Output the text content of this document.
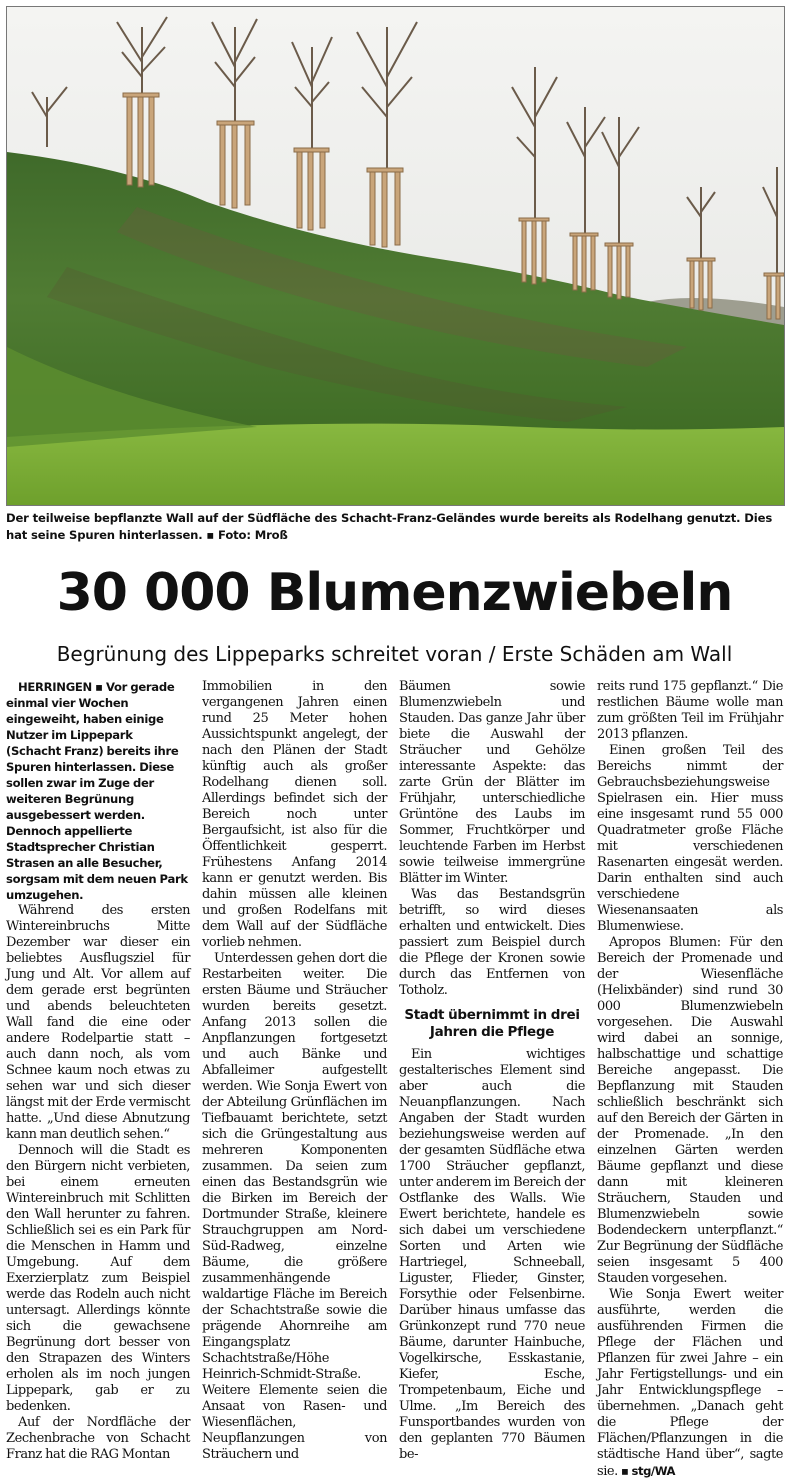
Der teilweise bepflanzte Wall auf der Südfläche des Schacht-Franz-Geländes wurde bereits als Rodelhang genutzt. Dies hat seine Spuren hinterlassen. ▪ Foto: Mroß
30 000 Blumenzwiebeln
Begrünung des Lippeparks schreitet voran / Erste Schäden am Wall

HERRINGEN ▪ Vor gerade einmal vier Wochen eingeweiht, haben einige Nutzer im Lippepark (Schacht Franz) bereits ihre Spuren hinterlassen. Diese sollen zwar im Zuge der weiteren Begrünung ausgebessert werden. Dennoch appellierte Stadtsprecher Christian Strasen an alle Besucher, sorgsam mit dem neuen Park umzugehen.

Während des ersten Wintereinbruchs Mitte Dezember war dieser ein beliebtes Ausflugsziel für Jung und Alt. Vor allem auf dem gerade erst begrünten und abends beleuchteten Wall fand die eine oder andere Rodelpartie statt – auch dann noch, als vom Schnee kaum noch etwas zu sehen war und sich dieser längst mit der Erde vermischt hatte. „Und diese Abnutzung kann man deutlich sehen.“

Dennoch will die Stadt es den Bürgern nicht verbieten, bei einem erneuten Wintereinbruch mit Schlitten den Wall herunter zu fahren. Schließlich sei es ein Park für die Menschen in Hamm und Umgebung. Auf dem Exerzierplatz zum Beispiel werde das Rodeln auch nicht untersagt. Allerdings könnte sich die gewachsene Begrünung dort besser von den Strapazen des Winters erholen als im noch jungen Lippepark, gab er zu bedenken.

Auf der Nordfläche der Zechenbrache von Schacht Franz hat die RAG Montan

Immobilien in den vergangenen Jahren einen rund 25 Meter hohen Aussichtspunkt angelegt, der nach den Plänen der Stadt künftig auch als großer Rodelhang dienen soll. Allerdings befindet sich der Bereich noch unter Bergaufsicht, ist also für die Öffentlichkeit gesperrt. Frühestens Anfang 2014 kann er genutzt werden. Bis dahin müssen alle kleinen und großen Rodelfans mit dem Wall auf der Südfläche vorlieb nehmen.

Unterdessen gehen dort die Restarbeiten weiter. Die ersten Bäume und Sträucher wurden bereits gesetzt. Anfang 2013 sollen die Anpflanzungen fortgesetzt und auch Bänke und Abfalleimer aufgestellt werden. Wie Sonja Ewert von der Abteilung Grünflächen im Tiefbauamt berichtete, setzt sich die Grüngestaltung aus mehreren Komponenten zusammen. Da seien zum einen das Bestandsgrün wie die Birken im Bereich der Dortmunder Straße, kleinere Strauchgruppen am Nord-Süd-Radweg, einzelne Bäume, die größere zusammenhängende waldartige Fläche im Bereich der Schachtstraße sowie die prägende Ahornreihe am Eingangsplatz Schachtstraße/Höhe Heinrich-Schmidt-Straße. Weitere Elemente seien die Ansaat von Rasen- und Wiesenflächen, Neupflanzungen von Sträuchern und

Bäumen sowie Blumenzwiebeln und Stauden. Das ganze Jahr über biete die Auswahl der Sträucher und Gehölze interessante Aspekte: das zarte Grün der Blätter im Frühjahr, unterschiedliche Grüntöne des Laubs im Sommer, Fruchtkörper und leuchtende Farben im Herbst sowie teilweise immergrüne Blätter im Winter.

Was das Bestandsgrün betrifft, so wird dieses erhalten und entwickelt. Dies passiert zum Beispiel durch die Pflege der Kronen sowie durch das Entfernen von Totholz.

Stadt übernimmt in drei Jahren die Pflege

Ein wichtiges gestalterisches Element sind aber auch die Neuanpflanzungen. Nach Angaben der Stadt wurden beziehungsweise werden auf der gesamten Südfläche etwa 1700 Sträucher gepflanzt, unter anderem im Bereich der Ostflanke des Walls. Wie Ewert berichtete, handele es sich dabei um verschiedene Sorten und Arten wie Hartriegel, Schneeball, Liguster, Flieder, Ginster, Forsythie oder Felsenbirne. Darüber hinaus umfasse das Grünkonzept rund 770 neue Bäume, darunter Hainbuche, Vogelkirsche, Esskastanie, Kiefer, Esche, Trompetenbaum, Eiche und Ulme. „Im Bereich des Funsportbandes wurden von den geplanten 770 Bäumen be-

reits rund 175 gepflanzt.“ Die restlichen Bäume wolle man zum größten Teil im Frühjahr 2013 pflanzen.

Einen großen Teil des Bereichs nimmt der Gebrauchsbeziehungsweise Spielrasen ein. Hier muss eine insgesamt rund 55 000 Quadratmeter große Fläche mit verschiedenen Rasenarten eingesät werden. Darin enthalten sind auch verschiedene Wiesenansaaten als Blumenwiese.

Apropos Blumen: Für den Bereich der Promenade und der Wiesenfläche (Helixbänder) sind rund 30 000 Blumenzwiebeln vorgesehen. Die Auswahl wird dabei an sonnige, halbschattige und schattige Bereiche angepasst. Die Bepflanzung mit Stauden schließlich beschränkt sich auf den Bereich der Gärten in der Promenade. „In den einzelnen Gärten werden Bäume gepflanzt und diese dann mit kleineren Sträuchern, Stauden und Blumenzwiebeln sowie Bodendeckern unterpflanzt.“ Zur Begrünung der Südfläche seien insgesamt 5 400 Stauden vorgesehen.

Wie Sonja Ewert weiter ausführte, werden die ausführenden Firmen die Pflege der Flächen und Pflanzen für zwei Jahre – ein Jahr Fertigstellungs- und ein Jahr Entwicklungspflege – übernehmen. „Danach geht die Pflege der Flächen/Pflanzungen in die städtische Hand über“, sagte sie. ▪ stg/WA
